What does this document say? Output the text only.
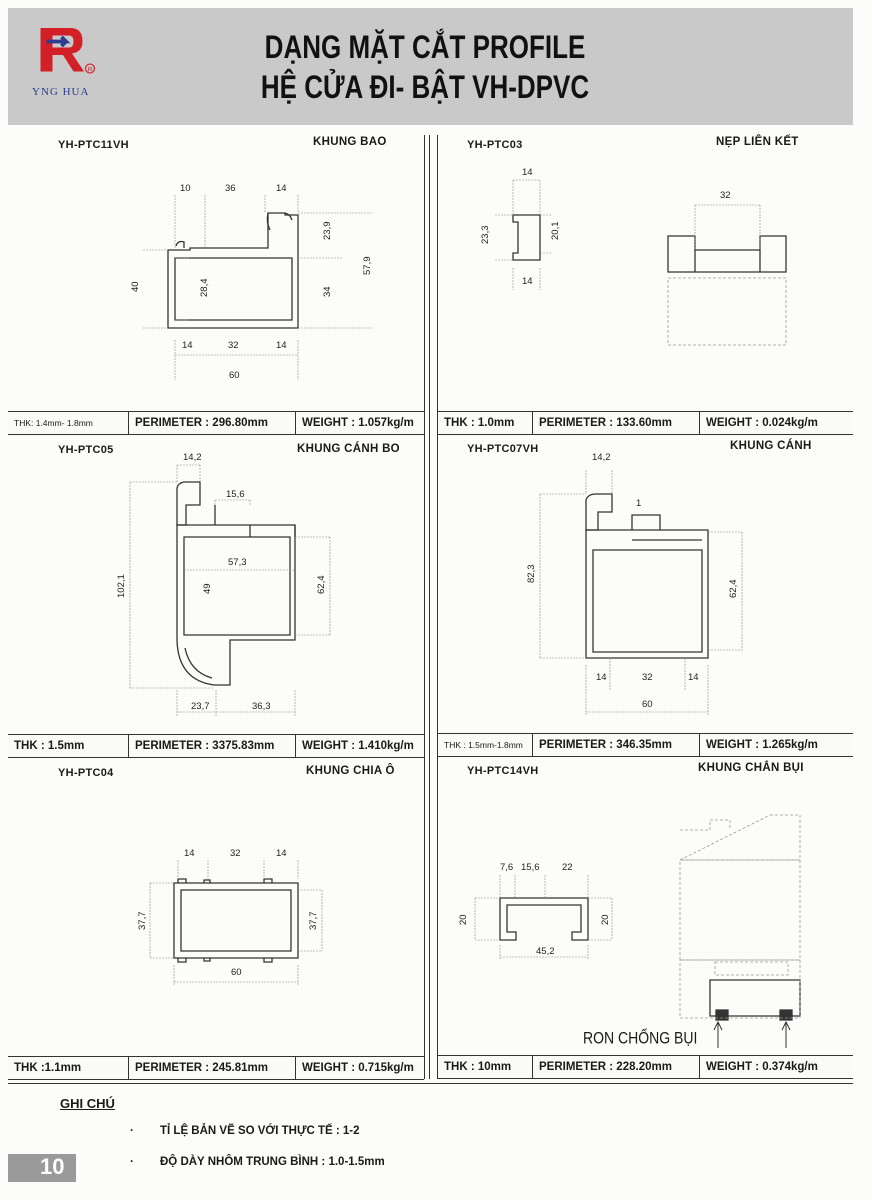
R
YNG HUA
DẠNG MẶT CẮT PROFILE
HỆ CỬA ĐI- BẬT VH-DPVC
YH-PTC11VH	KHUNG BAO
10	36	14
23,9
57,9
40	28,4	34
14	32	14
60
THK: 1.4mm- 1.8mm	PERIMETER : 296.80mm	WEIGHT : 1.057kg/m
YH-PTC03	NẸP LIÊN KẾT
14
23,3	20,1
14
32
THK : 1.0mm	PERIMETER : 133.60mm	WEIGHT : 0.024kg/m
YH-PTC05	KHUNG CÁNH BO
14,2
15,6
57,3
102,1	49	62,4
23,7	36,3
THK : 1.5mm	PERIMETER : 3375.83mm	WEIGHT : 1.410kg/m
YH-PTC07VH	KHUNG CÁNH
14,2
1
82,3
62,4
14	32	14
60
THK : 1.5mm-1.8mm	PERIMETER : 346.35mm	WEIGHT : 1.265kg/m
YH-PTC04	KHUNG CHIA Ô
14	32	14
37,7	37,7
60
THK :1.1mm	PERIMETER : 245.81mm	WEIGHT : 0.715kg/m
YH-PTC14VH	KHUNG CHẮN BỤI
7,6 15,6 22
20	20
45,2
RON CHỐNG BỤI
THK : 10mm	PERIMETER : 228.20mm	WEIGHT : 0.374kg/m
GHI CHÚ
· TỈ LỆ BẢN VẼ SO VỚI THỰC TẾ : 1-2
· ĐỘ DÀY NHÔM TRUNG BÌNH : 1.0-1.5mm
10
